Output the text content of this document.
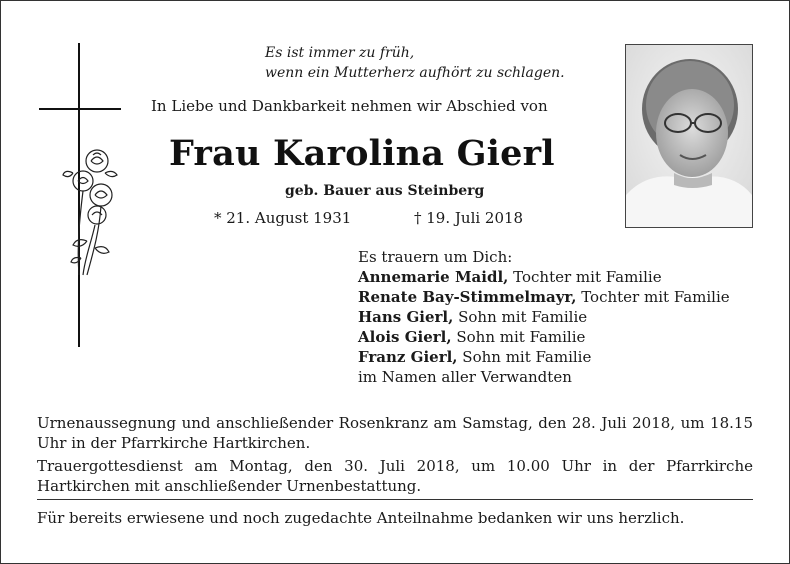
Es ist immer zu früh,
wenn ein Mutterherz aufhört zu schlagen.
In Liebe und Dankbarkeit nehmen wir Abschied von
Frau Karolina Gierl
geb. Bauer aus Steinberg
* 21. August 1931	† 19. Juli 2018
Es trauern um Dich:
Annemarie Maidl, Tochter mit Familie
Renate Bay-Stimmelmayr, Tochter mit Familie
Hans Gierl, Sohn mit Familie
Alois Gierl, Sohn mit Familie
Franz Gierl, Sohn mit Familie
im Namen aller Verwandten
Urnenaussegnung und anschließender Rosenkranz am Samstag, den 28. Juli 2018, um 18.15 Uhr in der Pfarrkirche Hartkirchen.
Trauergottesdienst am Montag, den 30. Juli 2018, um 10.00 Uhr in der Pfarrkirche Hartkirchen mit anschließender Urnenbestattung.
Für bereits erwiesene und noch zugedachte Anteilnahme bedanken wir uns herzlich.
